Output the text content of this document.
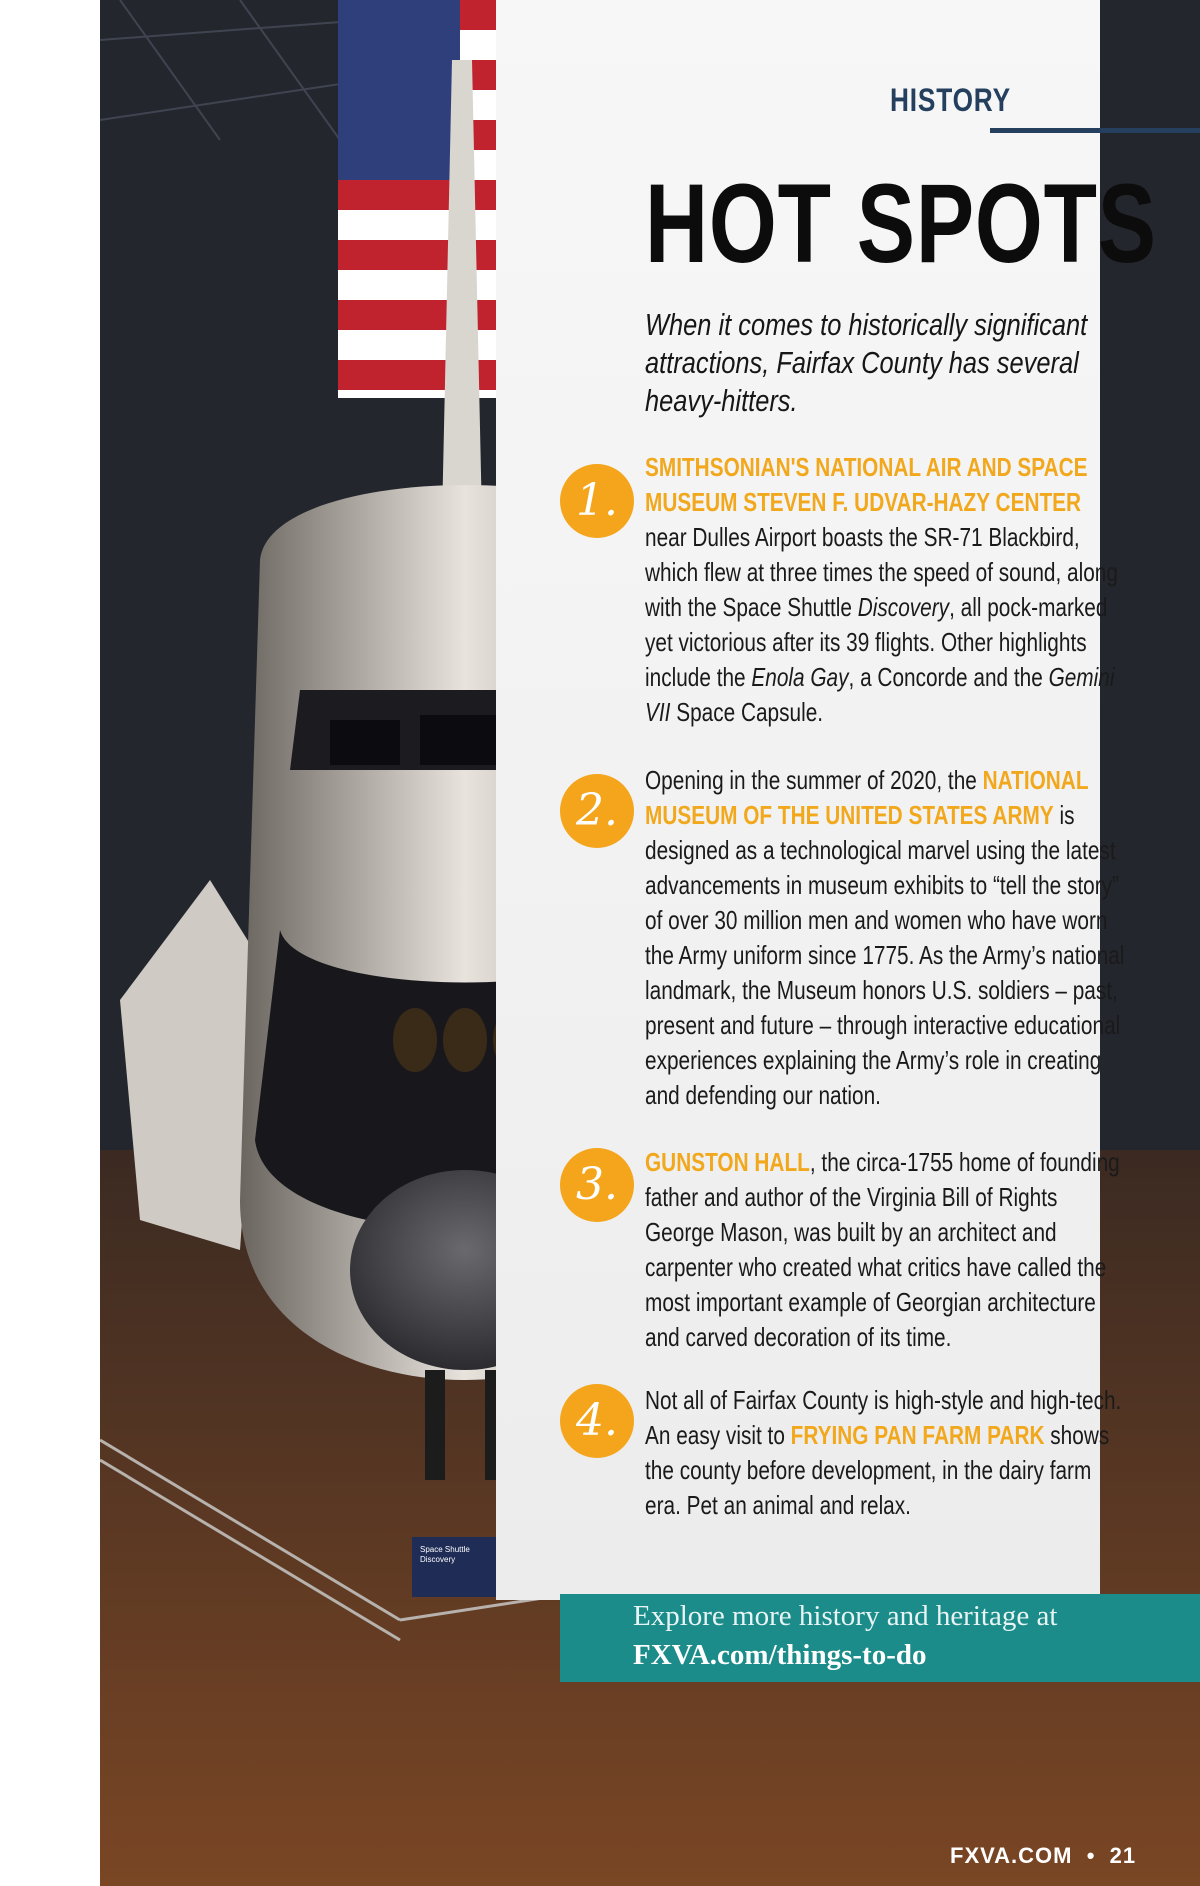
Space Shuttle
Discovery
HISTORY
HOT SPOTS

When it comes to historically significant attractions, Fairfax County has several heavy-hitters.

1.

SMITHSONIAN'S NATIONAL AIR AND SPACE MUSEUM STEVEN F. UDVAR-HAZY CENTER near Dulles Airport boasts the SR-71 Blackbird, which flew at three times the speed of sound, along with the Space Shuttle Discovery, all pock-marked yet victorious after its 39 flights. Other highlights include the Enola Gay, a Concorde and the Gemini VII Space Capsule.

2.

Opening in the summer of 2020, the NATIONAL MUSEUM OF THE UNITED STATES ARMY is designed as a technological marvel using the latest advancements in museum exhibits to “tell the story” of over 30 million men and women who have worn the Army uniform since 1775. As the Army’s national landmark, the Museum honors U.S. soldiers – past, present and future – through interactive educational experiences explaining the Army’s role in creating and defending our nation.

3.	GUNSTON HALL, the circa-1755 home of founding father and author of the Virginia Bill of Rights George Mason, was built by an architect and carpenter who created what critics have called the most important example of Georgian architecture and carved decoration of its time.

4.	Not all of Fairfax County is high-style and high-tech. An easy visit to FRYING PAN FARM PARK shows the county before development, in the dairy farm era. Pet an animal and relax.

Explore more history and heritage at
FXVA.com/things-to-do
FXVA.COM • 21
